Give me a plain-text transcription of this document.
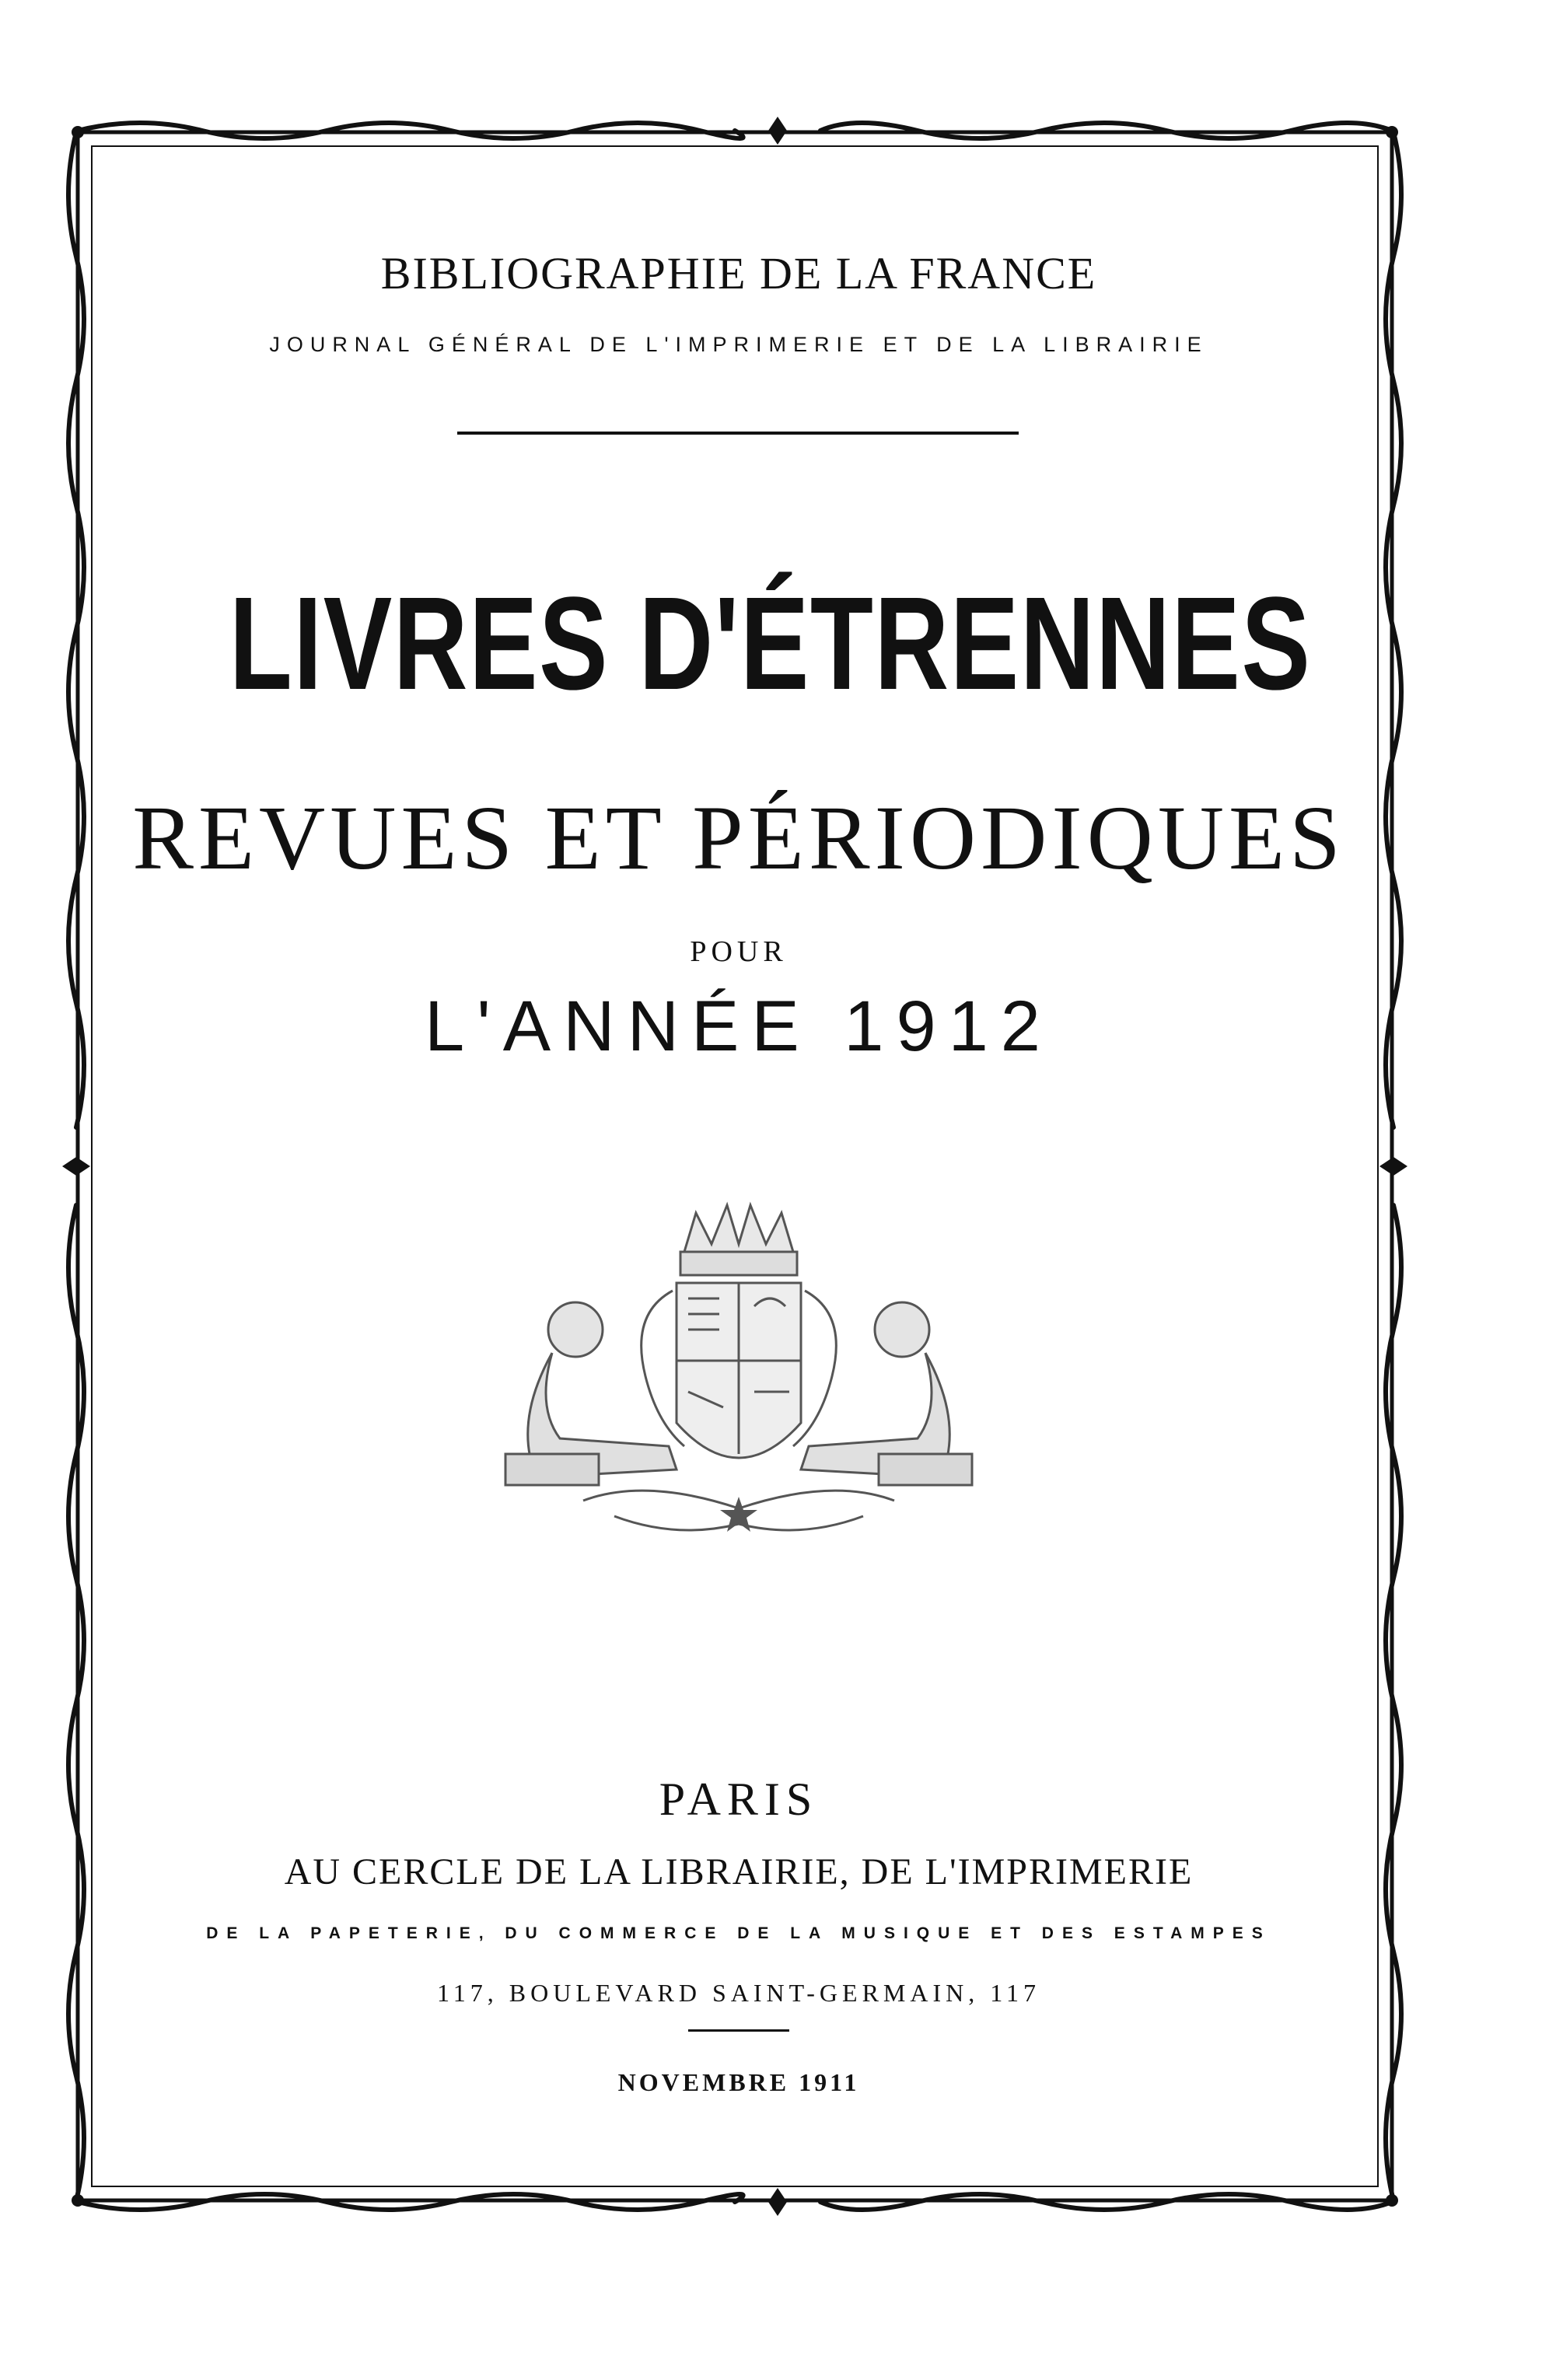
BIBLIOGRAPHIE DE LA FRANCE
JOURNAL GÉNÉRAL DE L'IMPRIMERIE ET DE LA LIBRAIRIE
LIVRES D'ÉTRENNES
REVUES ET PÉRIODIQUES
POUR
L'ANNÉE 1912
PARIS
AU CERCLE DE LA LIBRAIRIE, DE L'IMPRIMERIE
DE LA PAPETERIE, DU COMMERCE DE LA MUSIQUE ET DES ESTAMPES
117, BOULEVARD SAINT-GERMAIN, 117
NOVEMBRE 1911
